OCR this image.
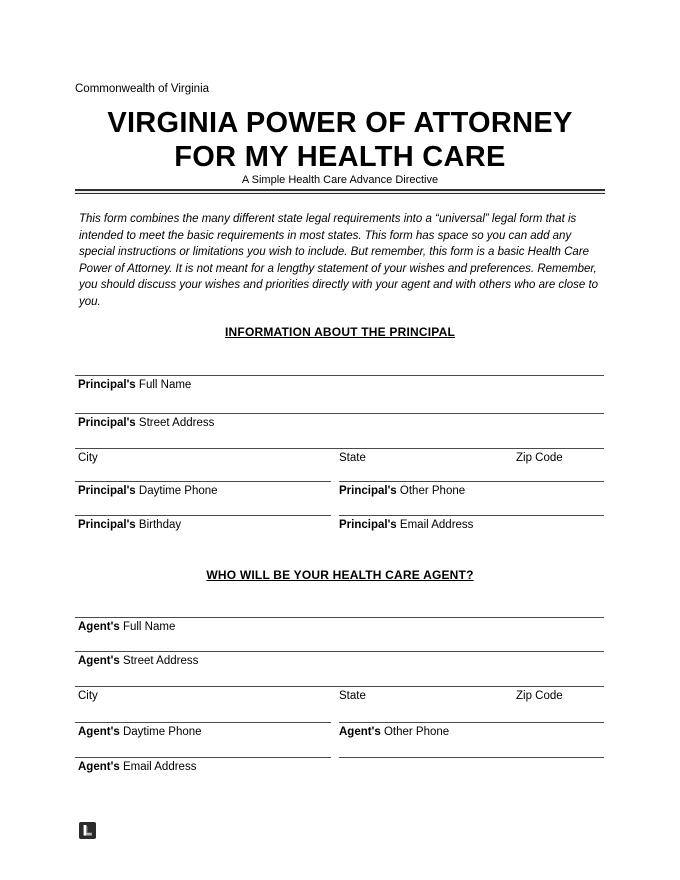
Commonwealth of Virginia
VIRGINIA POWER OF ATTORNEY
FOR MY HEALTH CARE
A Simple Health Care Advance Directive
This form combines the many different state legal requirements into a “universal” legal form that is intended to meet the basic requirements in most states. This form has space so you can add any special instructions or limitations you wish to include. But remember, this form is a basic Health Care Power of Attorney. It is not meant for a lengthy statement of your wishes and preferences. Remember, you should discuss your wishes and priorities directly with your agent and with others who are close to you.
INFORMATION ABOUT THE PRINCIPAL
Principal's Full Name
Principal's Street Address
City	State	Zip Code
Principal's Daytime Phone	Principal's Other Phone
Principal's Birthday	Principal's Email Address
WHO WILL BE YOUR HEALTH CARE AGENT?
Agent's Full Name
Agent's Street Address
City	State	Zip Code
Agent's Daytime Phone	Agent's Other Phone
Agent's Email Address
